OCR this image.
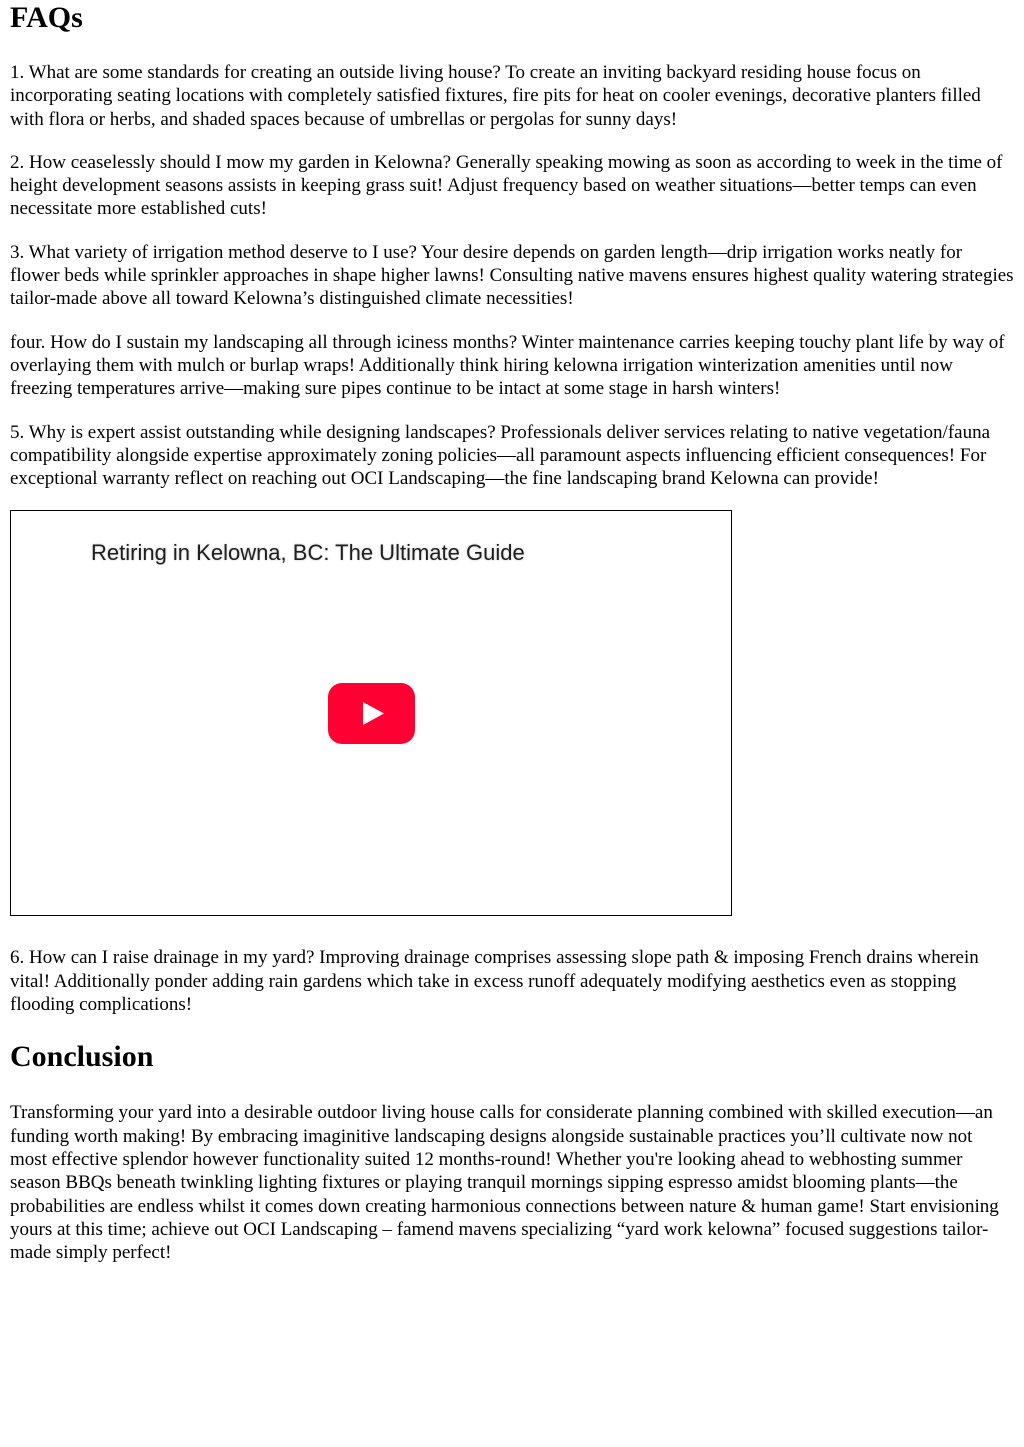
FAQs

1. What are some standards for creating an outside living house? To create an inviting backyard residing house focus on incorporating seating locations with completely satisfied fixtures, fire pits for heat on cooler evenings, decorative planters filled with flora or herbs, and shaded spaces because of umbrellas or pergolas for sunny days!

2. How ceaselessly should I mow my garden in Kelowna? Generally speaking mowing as soon as according to week in the time of height development seasons assists in keeping grass suit! Adjust frequency based on weather situations—better temps can even necessitate more established cuts!

3. What variety of irrigation method deserve to I use? Your desire depends on garden length—drip irrigation works neatly for flower beds while sprinkler approaches in shape higher lawns! Consulting native mavens ensures highest quality watering strategies tailor-made above all toward Kelowna’s distinguished climate necessities!

four. How do I sustain my landscaping all through iciness months? Winter maintenance carries keeping touchy plant life by way of overlaying them with mulch or burlap wraps! Additionally think hiring kelowna irrigation winterization amenities until now freezing temperatures arrive—making sure pipes continue to be intact at some stage in harsh winters!

5. Why is expert assist outstanding while designing landscapes? Professionals deliver services relating to native vegetation/fauna compatibility alongside expertise approximately zoning policies—all paramount aspects influencing efficient consequences! For exceptional warranty reflect on reaching out OCI Landscaping—the fine landscaping brand Kelowna can provide!

Retiring in Kelowna, BC: The Ultimate Guide

6. How can I raise drainage in my yard? Improving drainage comprises assessing slope path & imposing French drains wherein vital! Additionally ponder adding rain gardens which take in excess runoff adequately modifying aesthetics even as stopping flooding complications!

Conclusion

Transforming your yard into a desirable outdoor living house calls for considerate planning combined with skilled execution—an funding worth making! By embracing imaginitive landscaping designs alongside sustainable practices you’ll cultivate now not most effective splendor however functionality suited 12 months-round! Whether you're looking ahead to webhosting summer season BBQs beneath twinkling lighting fixtures or playing tranquil mornings sipping espresso amidst blooming plants—the probabilities are endless whilst it comes down creating harmonious connections between nature & human game! Start envisioning yours at this time; achieve out OCI Landscaping – famend mavens specializing “yard work kelowna” focused suggestions tailor-made simply perfect!
